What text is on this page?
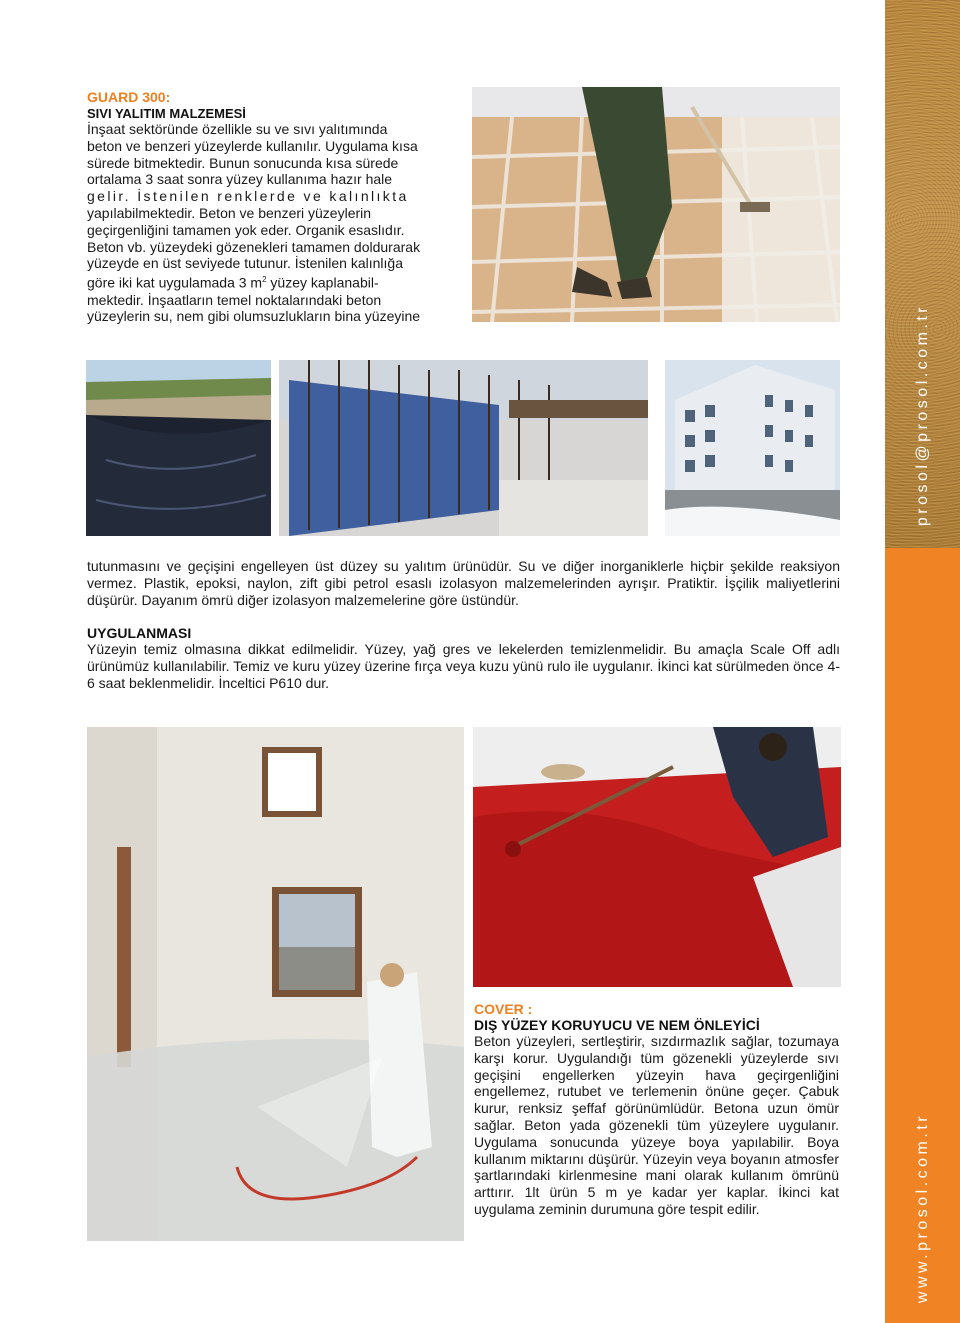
prosol@prosol.com.tr
www.prosol.com.tr
GUARD 300:
SIVI YALITIM MALZEMESİ
İnşaat sektöründe özellikle su ve sıvı yalıtımında
beton ve benzeri yüzeylerde kullanılır. Uygulama kısa
sürede bitmektedir. Bunun sonucunda kısa sürede
ortalama 3 saat sonra yüzey kullanıma hazır hale
gelir. İstenilen renklerde ve kalınlıkta
yapılabilmektedir. Beton ve benzeri yüzeylerin
geçirgenliğini tamamen yok eder. Organik esaslıdır.
Beton vb. yüzeydeki gözenekleri tamamen doldurarak
yüzeyde en üst seviyede tutunur. İstenilen kalınlığa
göre iki kat uygulamada 3 $m^2$ yüzey kaplanabil-
mektedir. İnşaatların temel noktalarındaki beton
yüzeylerin su, nem gibi olumsuzlukların bina yüzeyine
tutunmasını ve geçişini engelleyen üst düzey su yalıtım ürünüdür. Su ve diğer inorganiklerle hiçbir şekilde reaksiyon vermez. Plastik, epoksi, naylon, zift gibi petrol esaslı izolasyon malzemelerinden ayrışır. Pratiktir. İşçilik maliyetlerini düşürür. Dayanım ömrü diğer izolasyon malzemelerine göre üstündür.
UYGULANMASI
Yüzeyin temiz olmasına dikkat edilmelidir. Yüzey, yağ gres ve lekelerden temizlenmelidir. Bu amaçla Scale Off adlı ürünümüz kullanılabilir. Temiz ve kuru yüzey üzerine fırça veya kuzu yünü rulo ile uygulanır. İkinci kat sürülmeden önce 4-6 saat beklenmelidir. İnceltici P610 dur.
COVER :
DIŞ YÜZEY KORUYUCU VE NEM ÖNLEYİCİ
Beton yüzeyleri, sertleştirir, sızdırmazlık sağlar, tozumaya karşı korur. Uygulandığı tüm gözenekli yüzeylerde sıvı geçişini engellerken yüzeyin hava geçirgenliğini engellemez, rutubet ve terlemenin önüne geçer. Çabuk kurur, renksiz şeffaf görünümlüdür. Betona uzun ömür sağlar. Beton yada gözenekli tüm yüzeylere uygulanır. Uygulama sonucunda yüzeye boya yapılabilir. Boya kullanım miktarını düşürür. Yüzeyin veya boyanın atmosfer şartlarındaki kirlenmesine mani olarak kullanım ömrünü arttırır. 1lt ürün 5 m ye kadar yer kaplar. İkinci kat uygulama zeminin durumuna göre tespit edilir.
